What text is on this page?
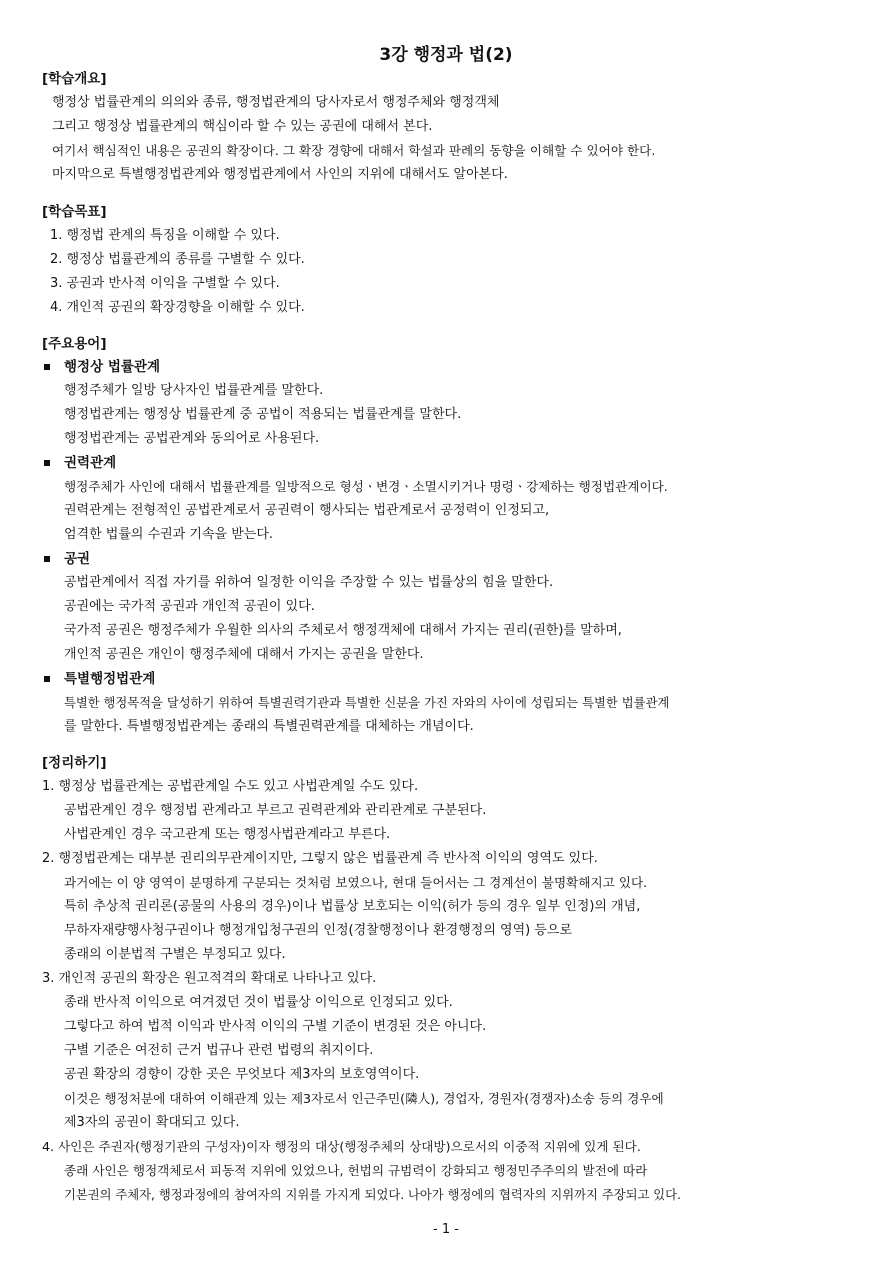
3강 행정과 법(2)
[학습개요]
행정상 법률관계의 의의와 종류, 행정법관계의 당사자로서 행정주체와 행정객체
그리고 행정상 법률관계의 핵심이라 할 수 있는 공권에 대해서 본다.
여기서 핵심적인 내용은 공권의 확장이다. 그 확장 경향에 대해서 학설과 판례의 동향을 이해할 수 있어야 한다.
마지막으로 특별행정법관계와 행정법관계에서 사인의 지위에 대해서도 알아본다.
[학습목표]
1. 행정법 관계의 특징을 이해할 수 있다.
2. 행정상 법률관계의 종류를 구별할 수 있다.
3. 공권과 반사적 이익을 구별할 수 있다.
4. 개인적 공권의 확장경향을 이해할 수 있다.
[주요용어]
행정상 법률관계
행정주체가 일방 당사자인 법률관계를 말한다.
행정법관계는 행정상 법률관계 중 공법이 적용되는 법률관계를 말한다.
행정법관계는 공법관계와 동의어로 사용된다.
권력관계
행정주체가 사인에 대해서 법률관계를 일방적으로 형성ㆍ변경ㆍ소멸시키거나 명령ㆍ강제하는 행정법관계이다.
권력관계는 전형적인 공법관계로서 공권력이 행사되는 법관계로서 공정력이 인정되고,
엄격한 법률의 수권과 기속을 받는다.
공권
공법관계에서 직접 자기를 위하여 일정한 이익을 주장할 수 있는 법률상의 힘을 말한다.
공권에는 국가적 공권과 개인적 공권이 있다.
국가적 공권은 행정주체가 우월한 의사의 주체로서 행정객체에 대해서 가지는 권리(권한)를 말하며,
개인적 공권은 개인이 행정주체에 대해서 가지는 공권을 말한다.
특별행정법관계
특별한 행정목적을 달성하기 위하여 특별권력기관과 특별한 신분을 가진 자와의 사이에 성립되는 특별한 법률관계
를 말한다. 특별행정법관계는 종래의 특별권력관계를 대체하는 개념이다.
[정리하기]
1. 행정상 법률관계는 공법관계일 수도 있고 사법관계일 수도 있다.
공법관계인 경우 행정법 관계라고 부르고 권력관계와 관리관계로 구분된다.
사법관계인 경우 국고관계 또는 행정사법관계라고 부른다.
2. 행정법관계는 대부분 권리의무관계이지만, 그렇지 않은 법률관계 즉 반사적 이익의 영역도 있다.
과거에는 이 양 영역이 분명하게 구분되는 것처럼 보였으나, 현대 들어서는 그 경계선이 불명확해지고 있다.
특히 추상적 권리론(공물의 사용의 경우)이나 법률상 보호되는 이익(허가 등의 경우 일부 인정)의 개념,
무하자재량행사청구권이나 행정개입청구권의 인정(경찰행정이나 환경행정의 영역) 등으로
종래의 이분법적 구별은 부정되고 있다.
3. 개인적 공권의 확장은 원고적격의 확대로 나타나고 있다.
종래 반사적 이익으로 여겨졌던 것이 법률상 이익으로 인정되고 있다.
그렇다고 하여 법적 이익과 반사적 이익의 구별 기준이 변경된 것은 아니다.
구별 기준은 여전히 근거 법규나 관련 법령의 취지이다.
공권 확장의 경향이 강한 곳은 무엇보다 제3자의 보호영역이다.
이것은 행정처분에 대하여 이해관계 있는 제3자로서 인근주민(隣人), 경업자, 경원자(경쟁자)소송 등의 경우에
제3자의 공권이 확대되고 있다.
4. 사인은 주권자(행정기관의 구성자)이자 행정의 대상(행정주체의 상대방)으로서의 이중적 지위에 있게 된다.
종래 사인은 행정객체로서 피동적 지위에 있었으나, 헌법의 규범력이 강화되고 행정민주주의의 발전에 따라
기본권의 주체자, 행정과정에의 참여자의 지위를 가지게 되었다. 나아가 행정에의 협력자의 지위까지 주장되고 있다.
- 1 -
